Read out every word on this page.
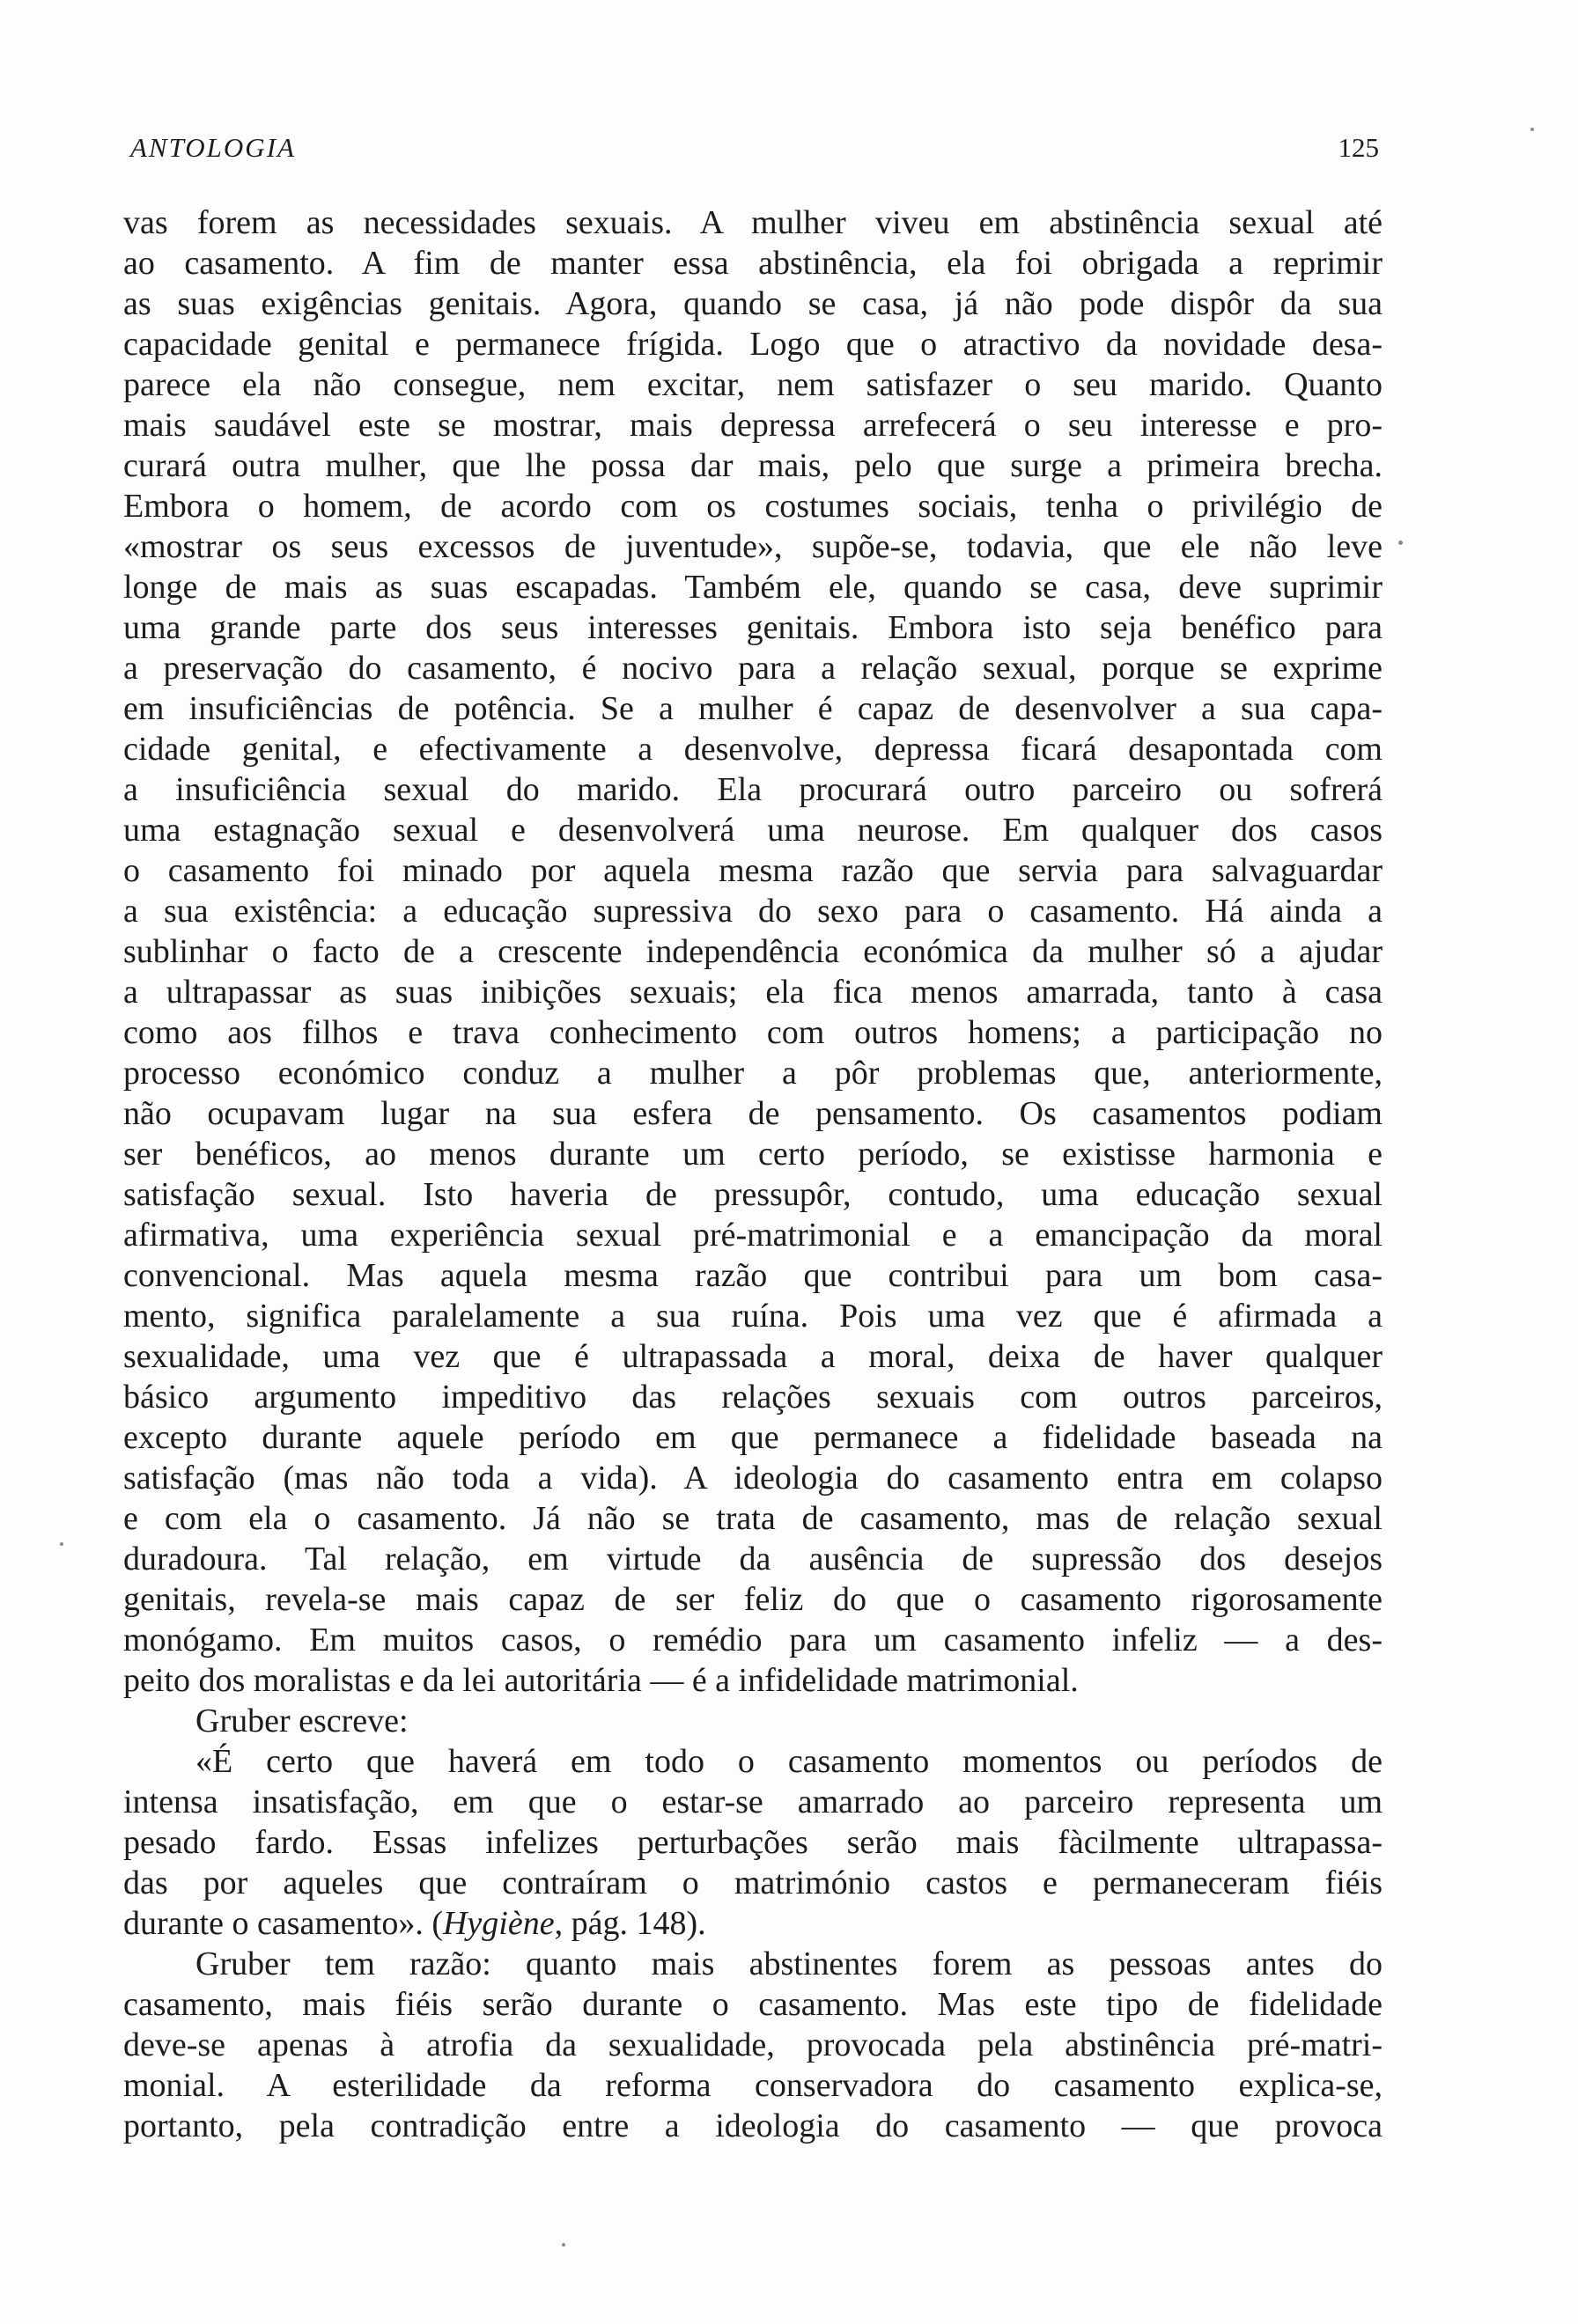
ANTOLOGIA	125
vas forem as necessidades sexuais. A mulher viveu em abstinência sexual até
ao casamento. A fim de manter essa abstinência, ela foi obrigada a reprimir
as suas exigências genitais. Agora, quando se casa, já não pode dispôr da sua
capacidade genital e permanece frígida. Logo que o atractivo da novidade desa-
parece ela não consegue, nem excitar, nem satisfazer o seu marido. Quanto
mais saudável este se mostrar, mais depressa arrefecerá o seu interesse e pro-
curará outra mulher, que lhe possa dar mais, pelo que surge a primeira brecha.
Embora o homem, de acordo com os costumes sociais, tenha o privilégio de
«mostrar os seus excessos de juventude», supõe-se, todavia, que ele não leve
longe de mais as suas escapadas. Também ele, quando se casa, deve suprimir
uma grande parte dos seus interesses genitais. Embora isto seja benéfico para
a preservação do casamento, é nocivo para a relação sexual, porque se exprime
em insuficiências de potência. Se a mulher é capaz de desenvolver a sua capa-
cidade genital, e efectivamente a desenvolve, depressa ficará desapontada com
a insuficiência sexual do marido. Ela procurará outro parceiro ou sofrerá
uma estagnação sexual e desenvolverá uma neurose. Em qualquer dos casos
o casamento foi minado por aquela mesma razão que servia para salvaguardar
a sua existência: a educação supressiva do sexo para o casamento. Há ainda a
sublinhar o facto de a crescente independência económica da mulher só a ajudar
a ultrapassar as suas inibições sexuais; ela fica menos amarrada, tanto à casa
como aos filhos e trava conhecimento com outros homens; a participação no
processo económico conduz a mulher a pôr problemas que, anteriormente,
não ocupavam lugar na sua esfera de pensamento. Os casamentos podiam
ser benéficos, ao menos durante um certo período, se existisse harmonia e
satisfação sexual. Isto haveria de pressupôr, contudo, uma educação sexual
afirmativa, uma experiência sexual pré-matrimonial e a emancipação da moral
convencional. Mas aquela mesma razão que contribui para um bom casa-
mento, significa paralelamente a sua ruína. Pois uma vez que é afirmada a
sexualidade, uma vez que é ultrapassada a moral, deixa de haver qualquer
básico argumento impeditivo das relações sexuais com outros parceiros,
excepto durante aquele período em que permanece a fidelidade baseada na
satisfação (mas não toda a vida). A ideologia do casamento entra em colapso
e com ela o casamento. Já não se trata de casamento, mas de relação sexual
duradoura. Tal relação, em virtude da ausência de supressão dos desejos
genitais, revela-se mais capaz de ser feliz do que o casamento rigorosamente
monógamo. Em muitos casos, o remédio para um casamento infeliz — a des-
peito dos moralistas e da lei autoritária — é a infidelidade matrimonial.
Gruber escreve:
«É certo que haverá em todo o casamento momentos ou períodos de
intensa insatisfação, em que o estar-se amarrado ao parceiro representa um
pesado fardo. Essas infelizes perturbações serão mais fàcilmente ultrapassa-
das por aqueles que contraíram o matrimónio castos e permaneceram fiéis
durante o casamento». (Hygiène, pág. 148).
Gruber tem razão: quanto mais abstinentes forem as pessoas antes do
casamento, mais fiéis serão durante o casamento. Mas este tipo de fidelidade
deve-se apenas à atrofia da sexualidade, provocada pela abstinência pré-matri-
monial. A esterilidade da reforma conservadora do casamento explica-se,
portanto, pela contradição entre a ideologia do casamento — que provoca
